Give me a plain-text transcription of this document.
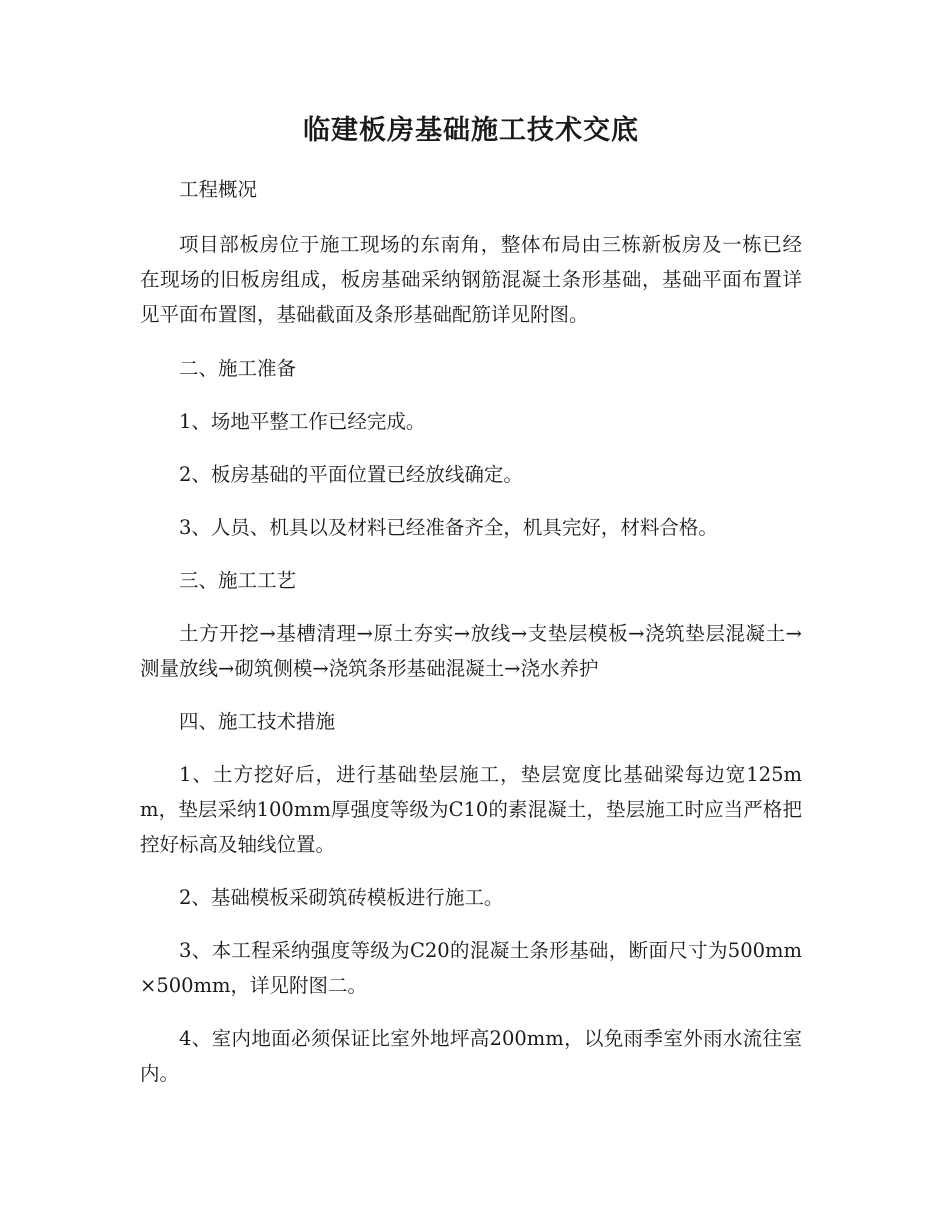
临建板房基础施工技术交底

工程概况

项目部板房位于施工现场的东南角，整体布局由三栋新板房及一栋已经在现场的旧板房组成，板房基础采纳钢筋混凝土条形基础，基础平面布置详见平面布置图，基础截面及条形基础配筋详见附图。

二、施工准备

1、场地平整工作已经完成。

2、板房基础的平面位置已经放线确定。

3、人员、机具以及材料已经准备齐全，机具完好，材料合格。

三、施工工艺

土方开挖→基槽清理→原土夯实→放线→支垫层模板→浇筑垫层混凝土→测量放线→砌筑侧模→浇筑条形基础混凝土→浇水养护

四、施工技术措施

1、土方挖好后，进行基础垫层施工，垫层宽度比基础梁每边宽125mm，垫层采纳100mm厚强度等级为C10的素混凝土，垫层施工时应当严格把控好标高及轴线位置。

2、基础模板采砌筑砖模板进行施工。

3、本工程采纳强度等级为C20的混凝土条形基础，断面尺寸为500mm×500mm，详见附图二。

4、室内地面必须保证比室外地坪高200mm，以免雨季室外雨水流往室内。
